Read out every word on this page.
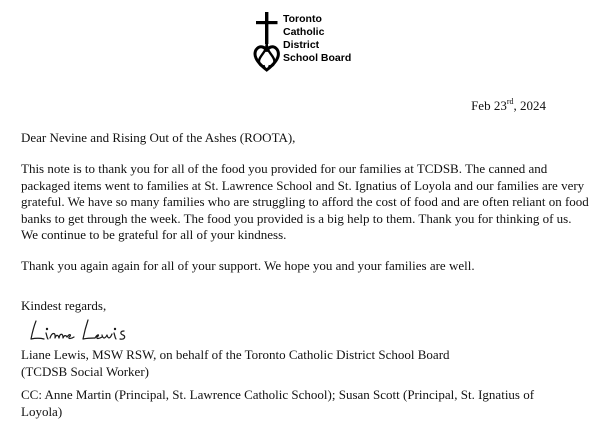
Toronto
Catholic
District
School Board
Feb 23rd, 2024
Dear Nevine and Rising Out of the Ashes (ROOTA),
This note is to thank you for all of the food you provided for our families at TCDSB. The canned and packaged items went to families at St. Lawrence School and St. Ignatius of Loyola and our families are very grateful. We have so many families who are struggling to afford the cost of food and are often reliant on food banks to get through the week. The food you provided is a big help to them. Thank you for thinking of us. We continue to be grateful for all of your kindness.
Thank you again again for all of your support. We hope you and your families are well.
Kindest regards,
Liane Lewis, MSW RSW, on behalf of the Toronto Catholic District School Board
(TCDSB Social Worker)
CC: Anne Martin (Principal, St. Lawrence Catholic School); Susan Scott (Principal, St. Ignatius of
Loyola)
